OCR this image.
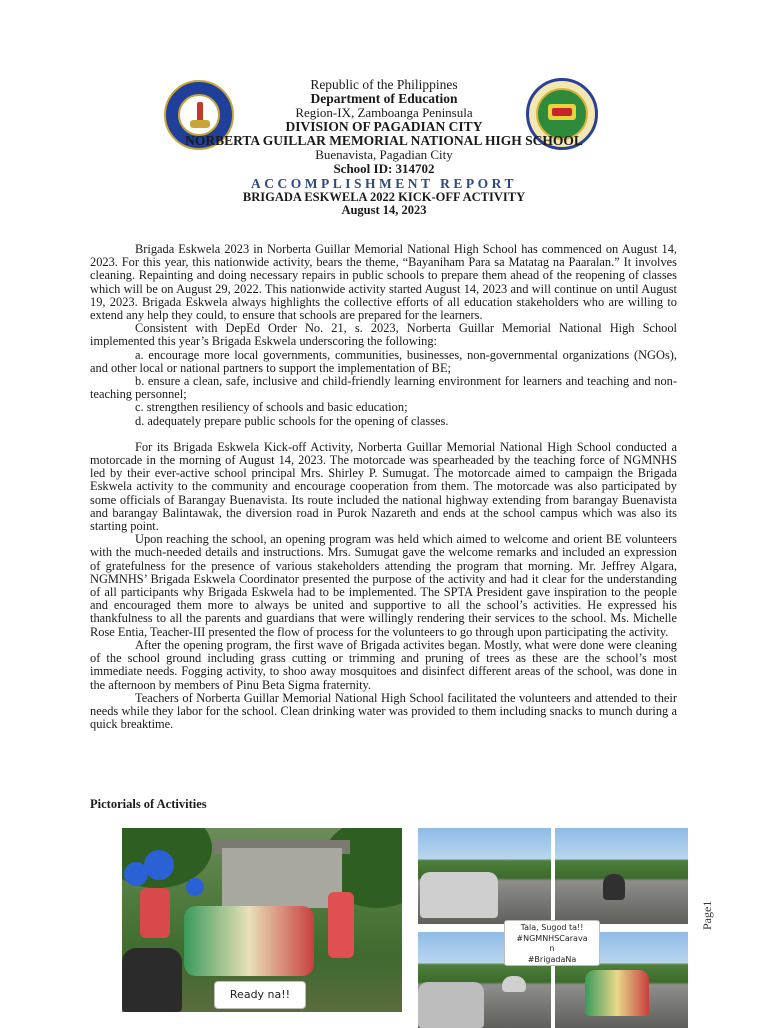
Republic of the Philippines
Department of Education
Region-IX, Zamboanga Peninsula
DIVISION OF PAGADIAN CITY
NORBERTA GUILLAR MEMORIAL NATIONAL HIGH SCHOOL
Buenavista, Pagadian City
School ID: 314702
ACCOMPLISHMENT REPORT
BRIGADA ESKWELA 2022 KICK-OFF ACTIVITY
August 14, 2023

Brigada Eskwela 2023 in Norberta Guillar Memorial National High School has commenced on August 14, 2023. For this year, this nationwide activity, bears the theme, “Bayaniham Para sa Matatag na Paaralan.” It involves cleaning. Repainting and doing necessary repairs in public schools to prepare them ahead of the reopening of classes which will be on August 29, 2022. This nationwide activity started August 14, 2023 and will continue on until August 19, 2023. Brigada Eskwela always highlights the collective efforts of all education stakeholders who are willing to extend any help they could, to ensure that schools are prepared for the learners.

Consistent with DepEd Order No. 21, s. 2023, Norberta Guillar Memorial National High School implemented this year’s Brigada Eskwela underscoring the following:

a. encourage more local governments, communities, businesses, non-governmental organizations (NGOs), and other local or national partners to support the implementation of BE;

b. ensure a clean, safe, inclusive and child-friendly learning environment for learners and teaching and non-teaching personnel;

c. strengthen resiliency of schools and basic education;

d. adequately prepare public schools for the opening of classes.

For its Brigada Eskwela Kick-off Activity, Norberta Guillar Memorial National High School conducted a motorcade in the morning of August 14, 2023. The motorcade was spearheaded by the teaching force of NGMNHS led by their ever-active school principal Mrs. Shirley P. Sumugat. The motorcade aimed to campaign the Brigada Eskwela activity to the community and encourage cooperation from them. The motorcade was also participated by some officials of Barangay Buenavista. Its route included the national highway extending from barangay Buenavista and barangay Balintawak, the diversion road in Purok Nazareth and ends at the school campus which was also its starting point.

Upon reaching the school, an opening program was held which aimed to welcome and orient BE volunteers with the much-needed details and instructions. Mrs. Sumugat gave the welcome remarks and included an expression of gratefulness for the presence of various stakeholders attending the program that morning. Mr. Jeffrey Algara, NGMNHS’ Brigada Eskwela Coordinator presented the purpose of the activity and had it clear for the understanding of all participants why Brigada Eskwela had to be implemented. The SPTA President gave inspiration to the people and encouraged them more to always be united and supportive to all the school’s activities. He expressed his thankfulness to all the parents and guardians that were willingly rendering their services to the school. Ms. Michelle Rose Entia, Teacher-III presented the flow of process for the volunteers to go through upon participating the activity.

After the opening program, the first wave of Brigada activites began. Mostly, what were done were cleaning of the school ground including grass cutting or trimming and pruning of trees as these are the school’s most immediate needs. Fogging activity, to shoo away mosquitoes and disinfect different areas of the school, was done in the afternoon by members of Pinu Beta Sigma fraternity.

Teachers of Norberta Guillar Memorial National High School facilitated the volunteers and attended to their needs while they labor for the school. Clean drinking water was provided to them including snacks to munch during a quick breaktime.

Pictorials of Activities
Ready na!!
Tala, Sugod ta!!
#NGMNHSCarava
n
#BrigadaNa
Page1
